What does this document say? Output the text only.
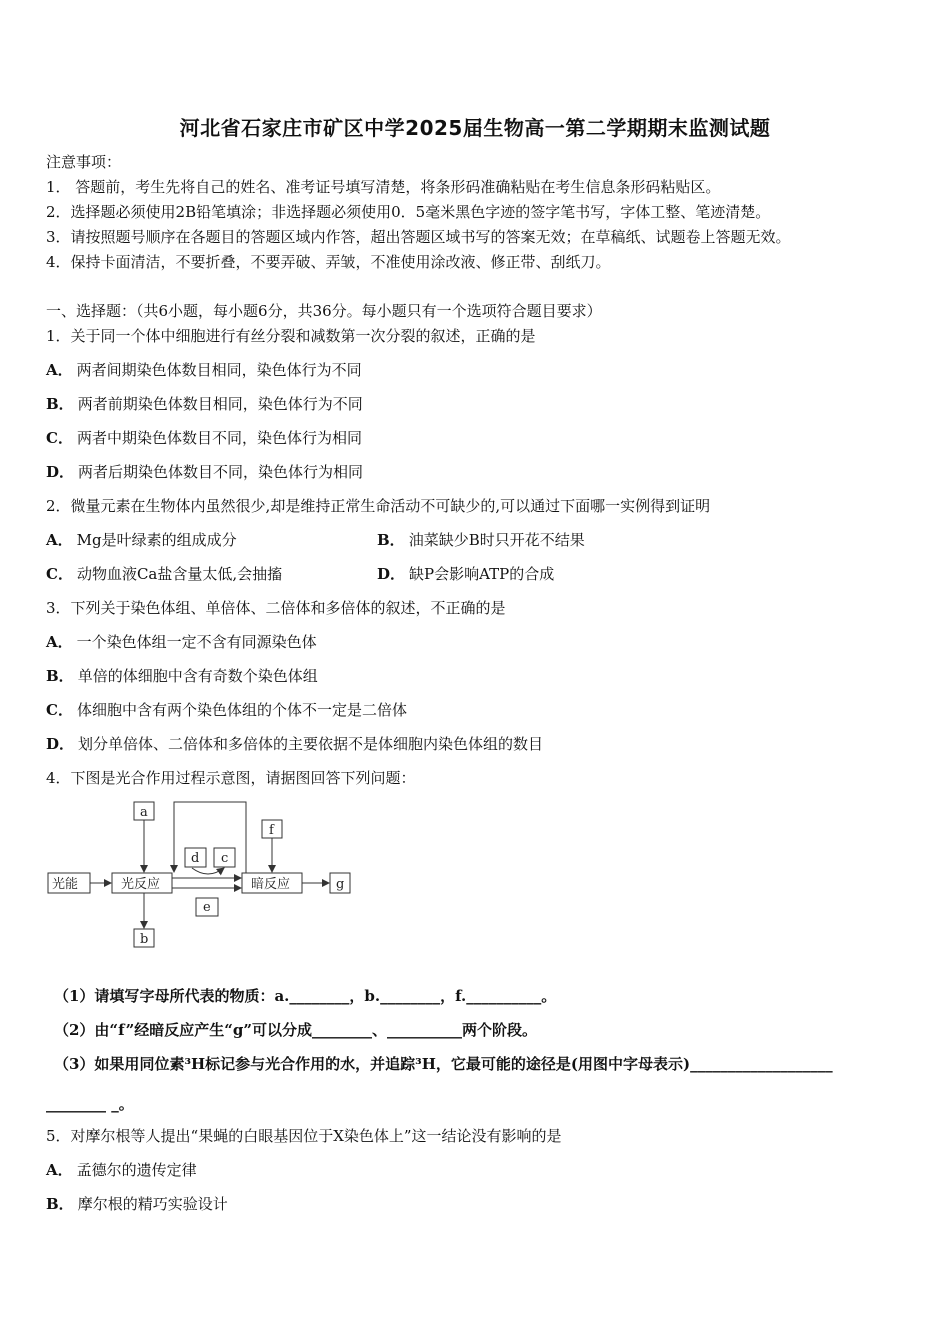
河北省石家庄市矿区中学2025届生物高一第二学期期末监测试题
注意事项：
1． 答题前，考生先将自己的姓名、准考证号填写清楚，将条形码准确粘贴在考生信息条形码粘贴区。
2．选择题必须使用2B铅笔填涂；非选择题必须使用0．5毫米黑色字迹的签字笔书写，字体工整、笔迹清楚。
3．请按照题号顺序在各题目的答题区域内作答，超出答题区域书写的答案无效；在草稿纸、试题卷上答题无效。
4．保持卡面清洁，不要折叠，不要弄破、弄皱，不准使用涂改液、修正带、刮纸刀。
一、选择题：（共6小题，每小题6分，共36分。每小题只有一个选项符合题目要求）
1．关于同一个体中细胞进行有丝分裂和减数第一次分裂的叙述，正确的是
A． 两者间期染色体数目相同，染色体行为不同
B． 两者前期染色体数目相同，染色体行为不同
C． 两者中期染色体数目不同，染色体行为相同
D． 两者后期染色体数目不同，染色体行为相同
2．微量元素在生物体内虽然很少,却是维持正常生命活动不可缺少的,可以通过下面哪一实例得到证明
A． Mg是叶绿素的组成成分	B． 油菜缺少B时只开花不结果
C． 动物血液Ca盐含量太低,会抽搐	D． 缺P会影响ATP的合成
3．下列关于染色体组、单倍体、二倍体和多倍体的叙述，不正确的是
A． 一个染色体组一定不含有同源染色体
B． 单倍的体细胞中含有奇数个染色体组
C． 体细胞中含有两个染色体组的个体不一定是二倍体
D． 划分单倍体、二倍体和多倍体的主要依据不是体细胞内染色体组的数目
4．下图是光合作用过程示意图，请据图回答下列问题：
光能	光反应	暗反应	g
a
b
f
d c
e
（1）请填写字母所代表的物质：a.________，b.________，f.__________。
（2）由“f”经暗反应产生“g”可以分成________、__________两个阶段。
（3）如果用同位素³H标记参与光合作用的水，并追踪³H，它最可能的途径是(用图中字母表示)___________________
________ _。
5．对摩尔根等人提出“果蝇的白眼基因位于X染色体上”这一结论没有影响的是
A． 孟德尔的遗传定律
B． 摩尔根的精巧实验设计
